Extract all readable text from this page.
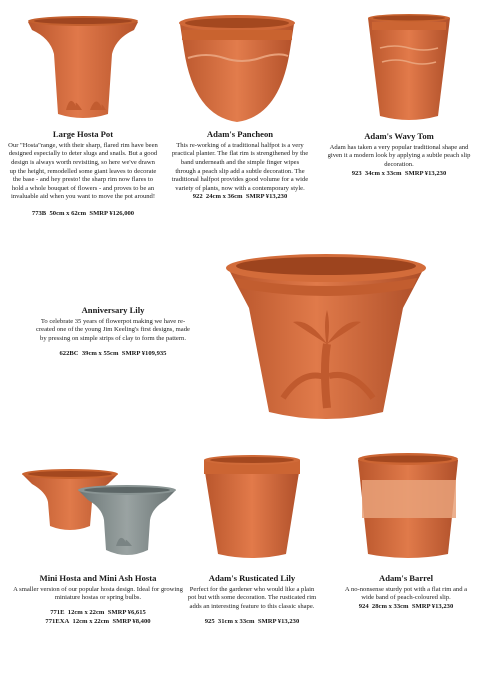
Large Hosta Pot

Our "Hosta"range, with their sharp, flared rim have been designed especially to deter slugs and snails. But a good design is always worth revisiting, so here we've drawn up the height, remodelled some giant leaves to decorate the base - and hey presto! the sharp rim now flares to hold a whole bouquet of flowers - and proves to be an invaluable aid when you want to move the pot around!

773B 50cm x 62cm SMRP ¥126,000

Adam's Pancheon

This re-working of a traditional halfpot is a very practical planter. The flat rim is strengthened by the band underneath and the simple finger wipes through a peach slip add a subtle decoration. The traditional halfpot provides good volume for a wide variety of plants, now with a contemporary style.

922 24cm x 36cm SMRP ¥13,230

Adam's Wavy Tom

Adam has taken a very popular traditional shape and given it a modern look by applying a subtle peach slip decoration.

923 34cm x 33cm SMRP ¥13,230

Anniversary Lily

To celebrate 35 years of flowerpot making we have re-created one of the young Jim Keeling's first designs, made by pressing on simple strips of clay to form the pattern.

622BC 39cm x 55cm SMRP ¥109,935

Mini Hosta and Mini Ash Hosta

A smaller version of our popular hosta design. Ideal for growing miniature hostas or spring bulbs.

771E 12cm x 22cm SMRP ¥6,615

771EXA 12cm x 22cm SMRP ¥8,400

Adam's Rusticated Lily

Perfect for the gardener who would like a plain pot but with some decoration. The rusticated rim adds an interesting feature to this classic shape.

925 31cm x 33cm SMRP ¥13,230

Adam's Barrel

A no-nonsense sturdy pot with a flat rim and a wide band of peach-coloured slip.

924 28cm x 33cm SMRP ¥13,230
